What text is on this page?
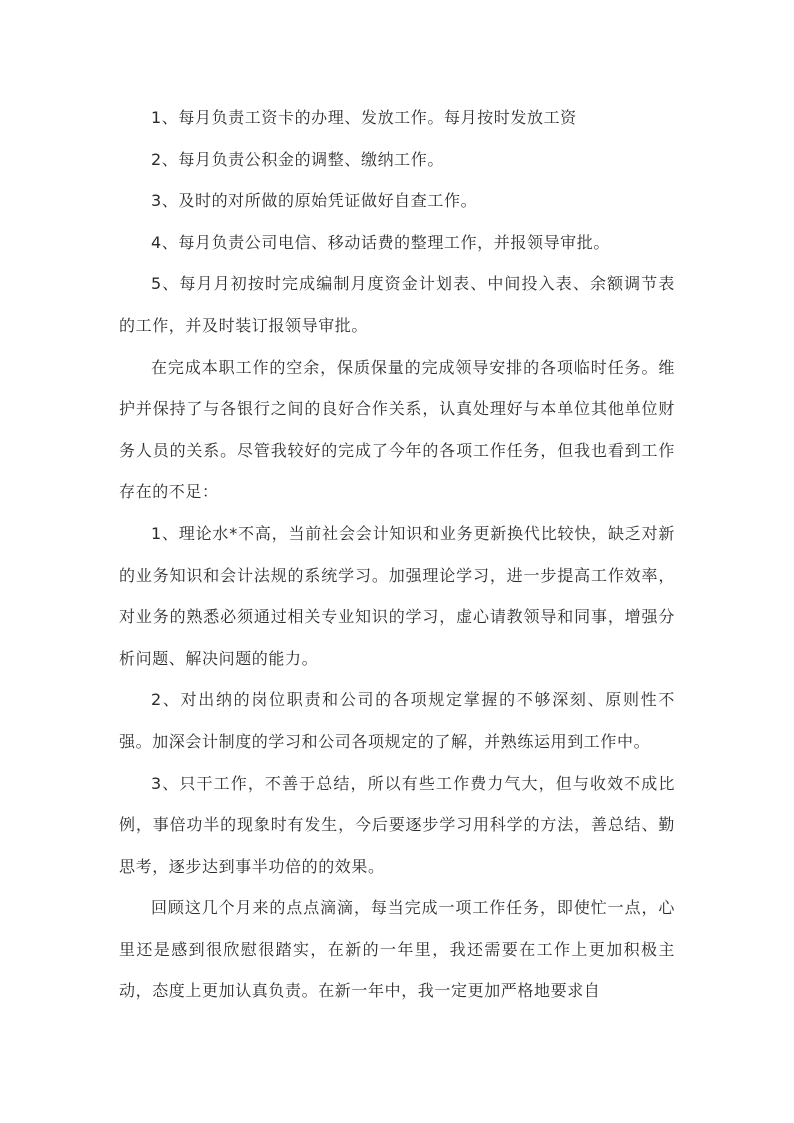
1、每月负责工资卡的办理、发放工作。每月按时发放工资

2、每月负责公积金的调整、缴纳工作。

3、及时的对所做的原始凭证做好自查工作。

4、每月负责公司电信、移动话费的整理工作，并报领导审批。

5、每月月初按时完成编制月度资金计划表、中间投入表、余额调节表的工作，并及时装订报领导审批。

在完成本职工作的空余，保质保量的完成领导安排的各项临时任务。维护并保持了与各银行之间的良好合作关系，认真处理好与本单位其他单位财务人员的关系。尽管我较好的完成了今年的各项工作任务，但我也看到工作存在的不足：

1、理论水*不高，当前社会会计知识和业务更新换代比较快，缺乏对新的业务知识和会计法规的系统学习。加强理论学习，进一步提高工作效率，对业务的熟悉必须通过相关专业知识的学习，虚心请教领导和同事，增强分析问题、解决问题的能力。

2、对出纳的岗位职责和公司的各项规定掌握的不够深刻、原则性不强。加深会计制度的学习和公司各项规定的了解，并熟练运用到工作中。

3、只干工作，不善于总结，所以有些工作费力气大，但与收效不成比例，事倍功半的现象时有发生，今后要逐步学习用科学的方法，善总结、勤思考，逐步达到事半功倍的的效果。

回顾这几个月来的点点滴滴，每当完成一项工作任务，即使忙一点，心里还是感到很欣慰很踏实，在新的一年里，我还需要在工作上更加积极主动，态度上更加认真负责。在新一年中，我一定更加严格地要求自
